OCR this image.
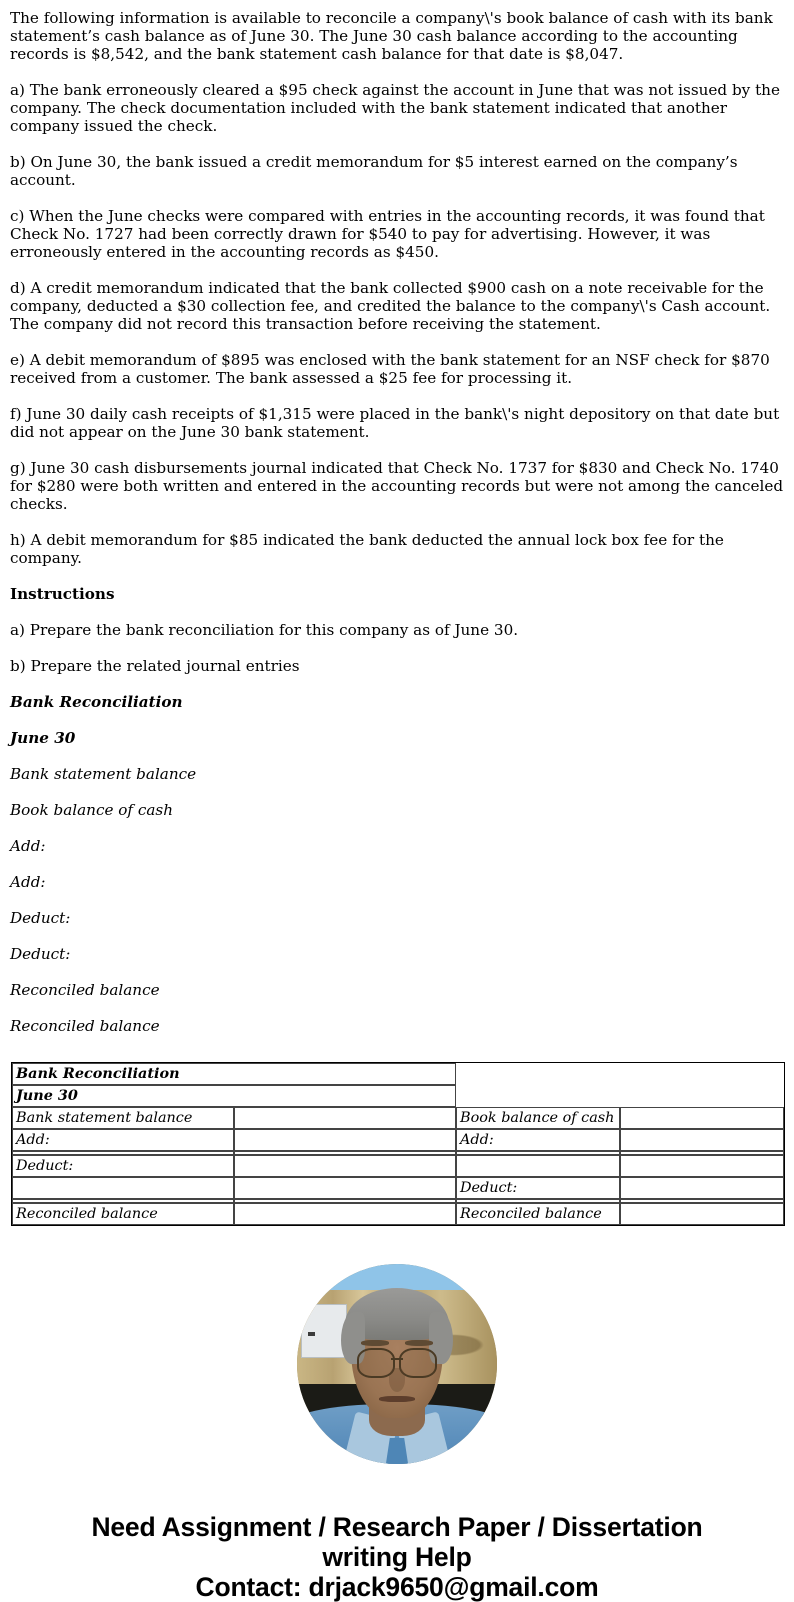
The following information is available to reconcile a company\'s book balance of cash with its bank statement’s cash balance as of June 30. The June 30 cash balance according to the accounting records is $8,542, and the bank statement cash balance for that date is $8,047.

a) The bank erroneously cleared a $95 check against the account in June that was not issued by the company. The check documentation included with the bank statement indicated that another company issued the check.

b) On June 30, the bank issued a credit memorandum for $5 interest earned on the company’s account.

c) When the June checks were compared with entries in the accounting records, it was found that Check No. 1727 had been correctly drawn for $540 to pay for advertising. However, it was erroneously entered in the accounting records as $450.

d) A credit memorandum indicated that the bank collected $900 cash on a note receivable for the company, deducted a $30 collection fee, and credited the balance to the company\'s Cash account. The company did not record this transaction before receiving the statement.

e) A debit memorandum of $895 was enclosed with the bank statement for an NSF check for $870 received from a customer. The bank assessed a $25 fee for processing it.

f) June 30 daily cash receipts of $1,315 were placed in the bank\'s night depository on that date but did not appear on the June 30 bank statement.

g) June 30 cash disbursements journal indicated that Check No. 1737 for $830 and Check No. 1740 for $280 were both written and entered in the accounting records but were not among the canceled checks.

h) A debit memorandum for $85 indicated the bank deducted the annual lock box fee for the company.

Instructions

a) Prepare the bank reconciliation for this company as of June 30.

b) Prepare the related journal entries

Bank Reconciliation

June 30

Bank statement balance

Book balance of cash

Add:

Add:

Deduct:

Deduct:

Reconciled balance

Reconciled balance

Bank Reconciliation			
June 30			
Bank statement balance		Book balance of cash	
Add:		Add:	

Deduct:			
		Deduct:	

Reconciled balance		Reconciled balance	
Need Assignment / Research Paper / Dissertation
writing Help
Contact: drjack9650@gmail.com
